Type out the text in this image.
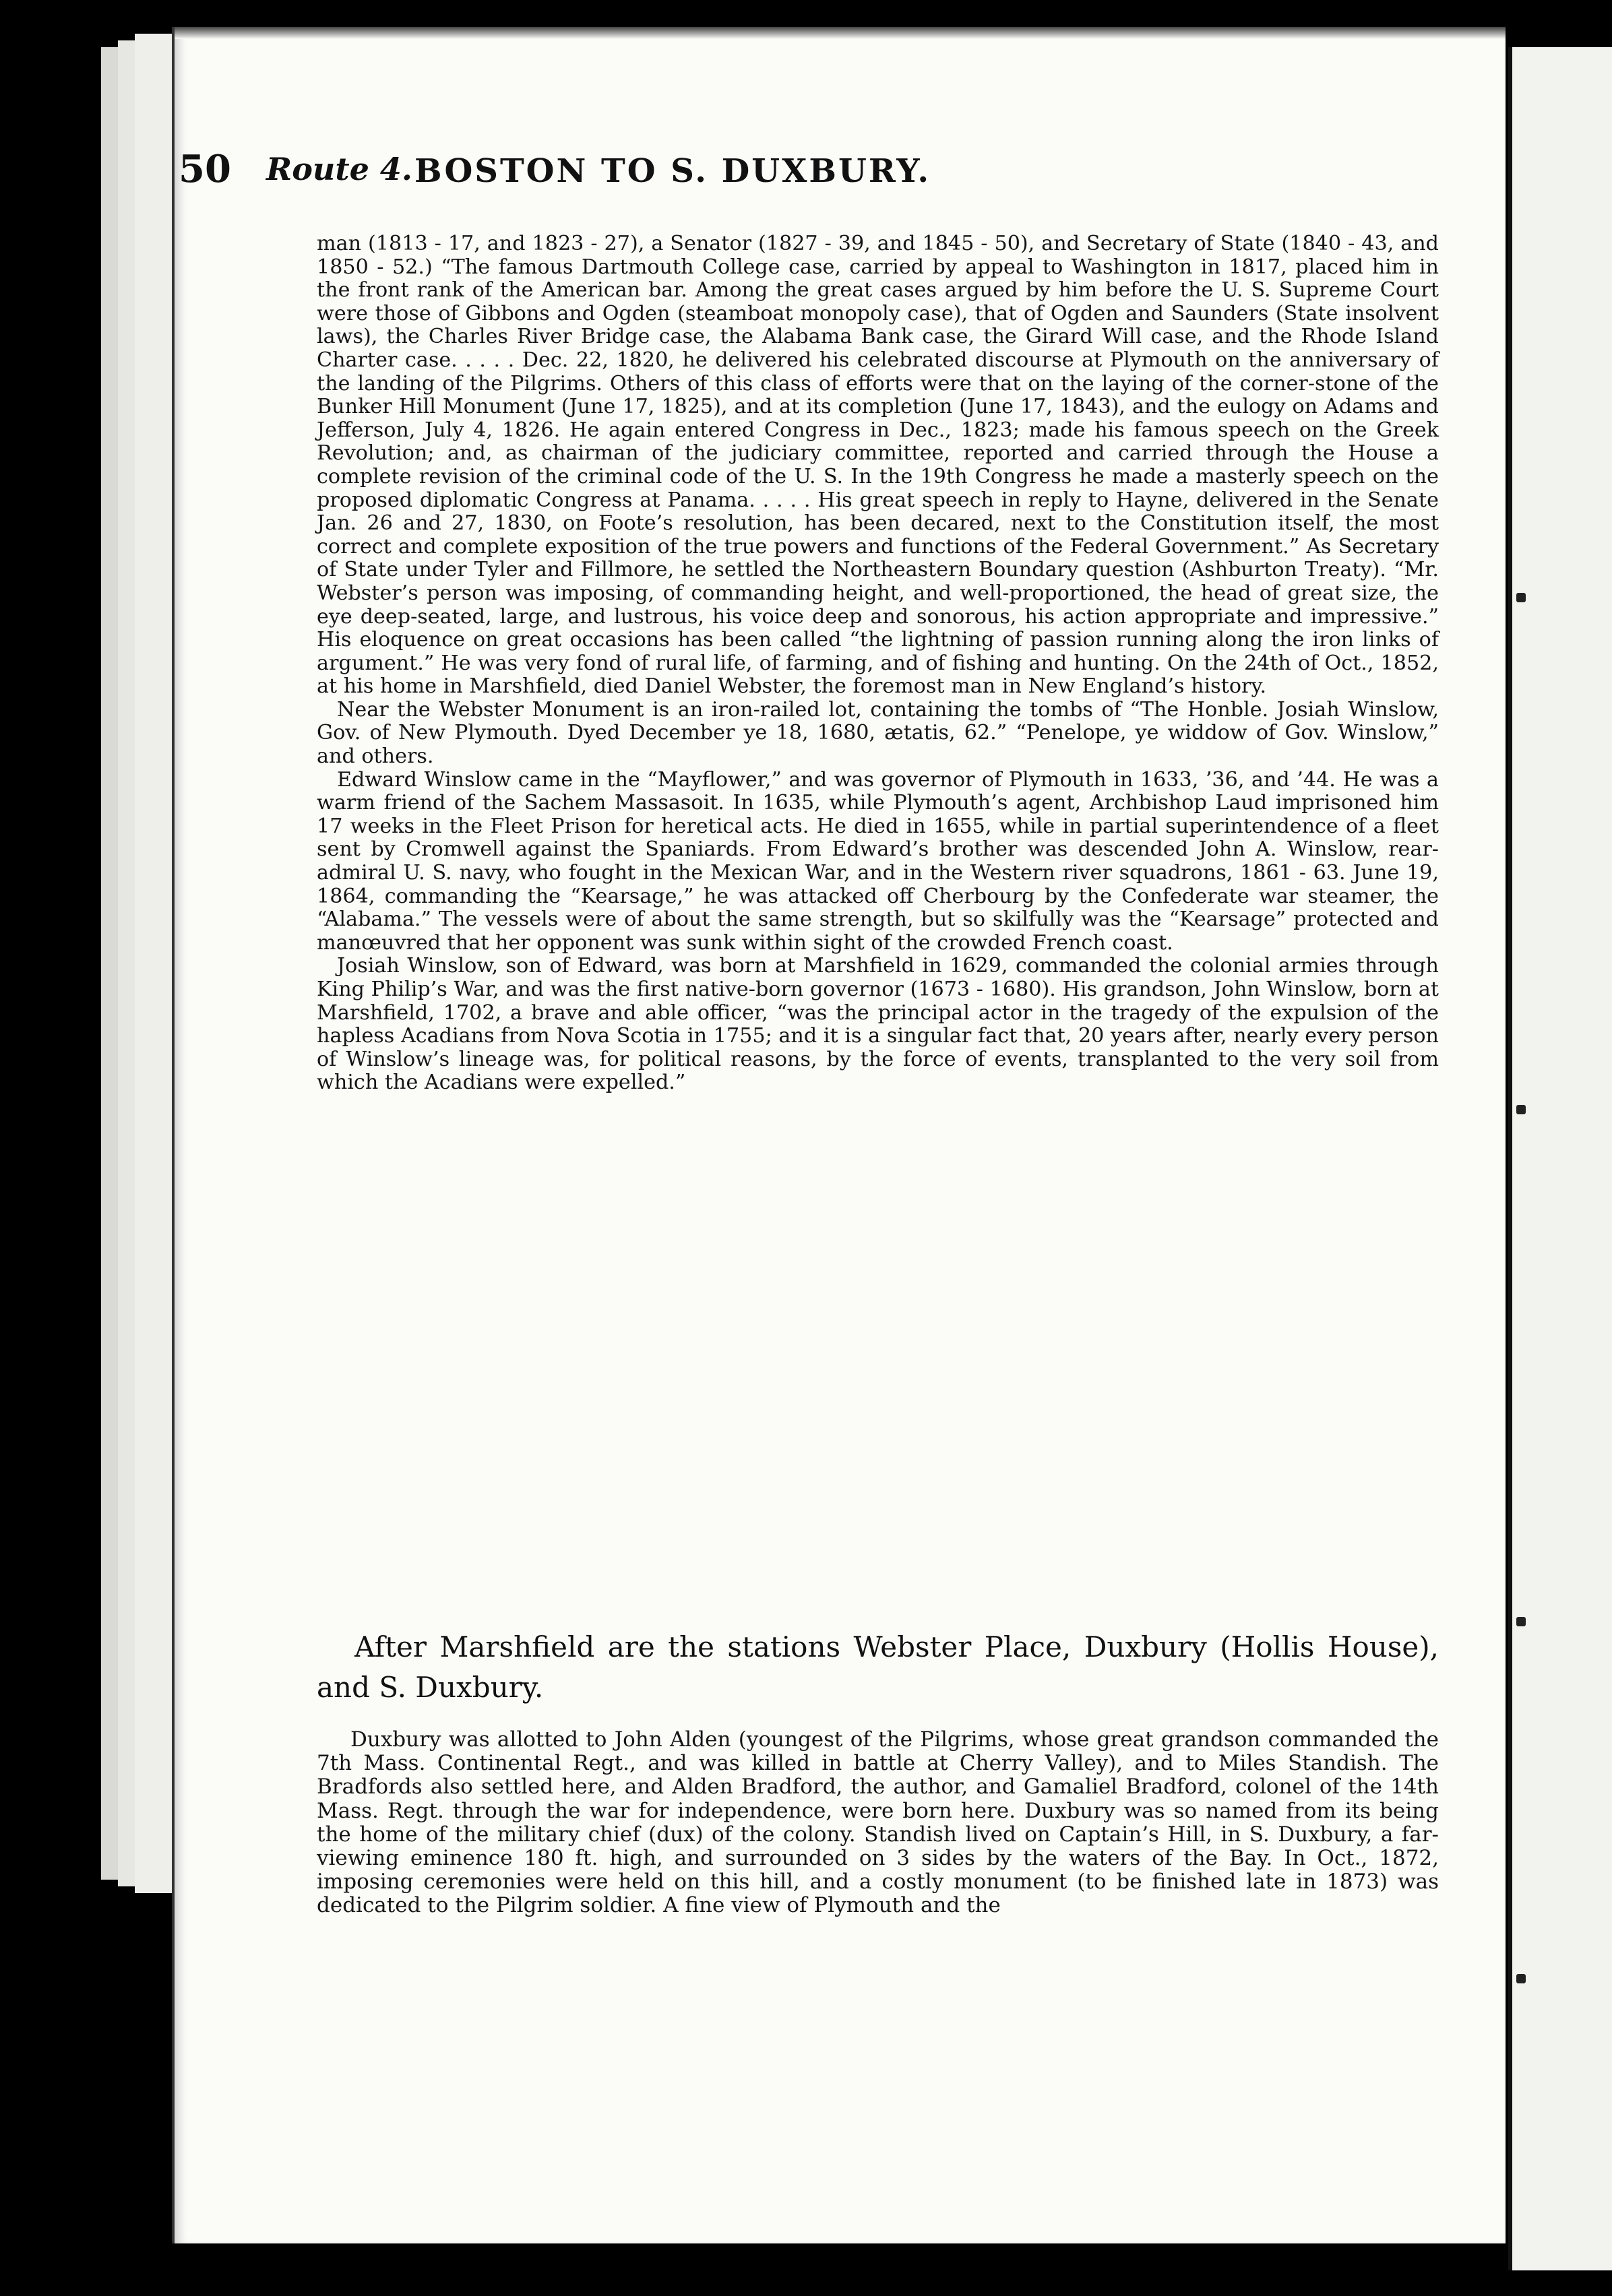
50 Route 4. BOSTON TO S. DUXBURY.

man (1813 - 17, and 1823 - 27), a Senator (1827 - 39, and 1845 - 50), and Secretary of State (1840 - 43, and 1850 - 52.) “The famous Dartmouth College case, carried by appeal to Washington in 1817, placed him in the front rank of the American bar. Among the great cases argued by him before the U. S. Supreme Court were those of Gibbons and Ogden (steamboat monopoly case), that of Ogden and Saunders (State insolvent laws), the Charles River Bridge case, the Alabama Bank case, the Girard Will case, and the Rhode Island Charter case. . . . . Dec. 22, 1820, he delivered his celebrated discourse at Plymouth on the anniversary of the landing of the Pilgrims. Others of this class of efforts were that on the laying of the corner-stone of the Bunker Hill Monument (June 17, 1825), and at its completion (June 17, 1843), and the eulogy on Adams and Jefferson, July 4, 1826. He again entered Congress in Dec., 1823; made his famous speech on the Greek Revolution; and, as chairman of the judiciary committee, reported and carried through the House a complete revision of the criminal code of the U. S. In the 19th Congress he made a masterly speech on the proposed diplomatic Congress at Panama. . . . . His great speech in reply to Hayne, delivered in the Senate Jan. 26 and 27, 1830, on Foote’s resolution, has been decared, next to the Constitution itself, the most correct and complete exposition of the true powers and functions of the Federal Government.” As Secretary of State under Tyler and Fillmore, he settled the Northeastern Boundary question (Ashburton Treaty). “Mr. Webster’s person was imposing, of commanding height, and well-proportioned, the head of great size, the eye deep-seated, large, and lustrous, his voice deep and sonorous, his action appropriate and impressive.” His eloquence on great occasions has been called “the lightning of passion running along the iron links of argument.” He was very fond of rural life, of farming, and of fishing and hunting. On the 24th of Oct., 1852, at his home in Marshfield, died Daniel Webster, the foremost man in New England’s history.

Near the Webster Monument is an iron-railed lot, containing the tombs of “The Honble. Josiah Winslow, Gov. of New Plymouth. Dyed December ye 18, 1680, ætatis, 62.” “Penelope, ye widdow of Gov. Winslow,” and others.

Edward Winslow came in the “Mayflower,” and was governor of Plymouth in 1633, ’36, and ’44. He was a warm friend of the Sachem Massasoit. In 1635, while Plymouth’s agent, Archbishop Laud imprisoned him 17 weeks in the Fleet Prison for heretical acts. He died in 1655, while in partial superintendence of a fleet sent by Cromwell against the Spaniards. From Edward’s brother was descended John A. Winslow, rear-admiral U. S. navy, who fought in the Mexican War, and in the Western river squadrons, 1861 - 63. June 19, 1864, commanding the “Kearsage,” he was attacked off Cherbourg by the Confederate war steamer, the “Alabama.” The vessels were of about the same strength, but so skilfully was the “Kearsage” protected and manœuvred that her opponent was sunk within sight of the crowded French coast.

Josiah Winslow, son of Edward, was born at Marshfield in 1629, commanded the colonial armies through King Philip’s War, and was the first native-born governor (1673 - 1680). His grandson, John Winslow, born at Marshfield, 1702, a brave and able officer, “was the principal actor in the tragedy of the expulsion of the hapless Acadians from Nova Scotia in 1755; and it is a singular fact that, 20 years after, nearly every person of Winslow’s lineage was, for political reasons, by the force of events, transplanted to the very soil from which the Acadians were expelled.”

After Marshfield are the stations Webster Place, Duxbury (Hollis House), and S. Duxbury.

Duxbury was allotted to John Alden (youngest of the Pilgrims, whose great grandson commanded the 7th Mass. Continental Regt., and was killed in battle at Cherry Valley), and to Miles Standish. The Bradfords also settled here, and Alden Bradford, the author, and Gamaliel Bradford, colonel of the 14th Mass. Regt. through the war for independence, were born here. Duxbury was so named from its being the home of the military chief (dux) of the colony. Standish lived on Captain’s Hill, in S. Duxbury, a far-viewing eminence 180 ft. high, and surrounded on 3 sides by the waters of the Bay. In Oct., 1872, imposing ceremonies were held on this hill, and a costly monument (to be finished late in 1873) was dedicated to the Pilgrim soldier. A fine view of Plymouth and the
